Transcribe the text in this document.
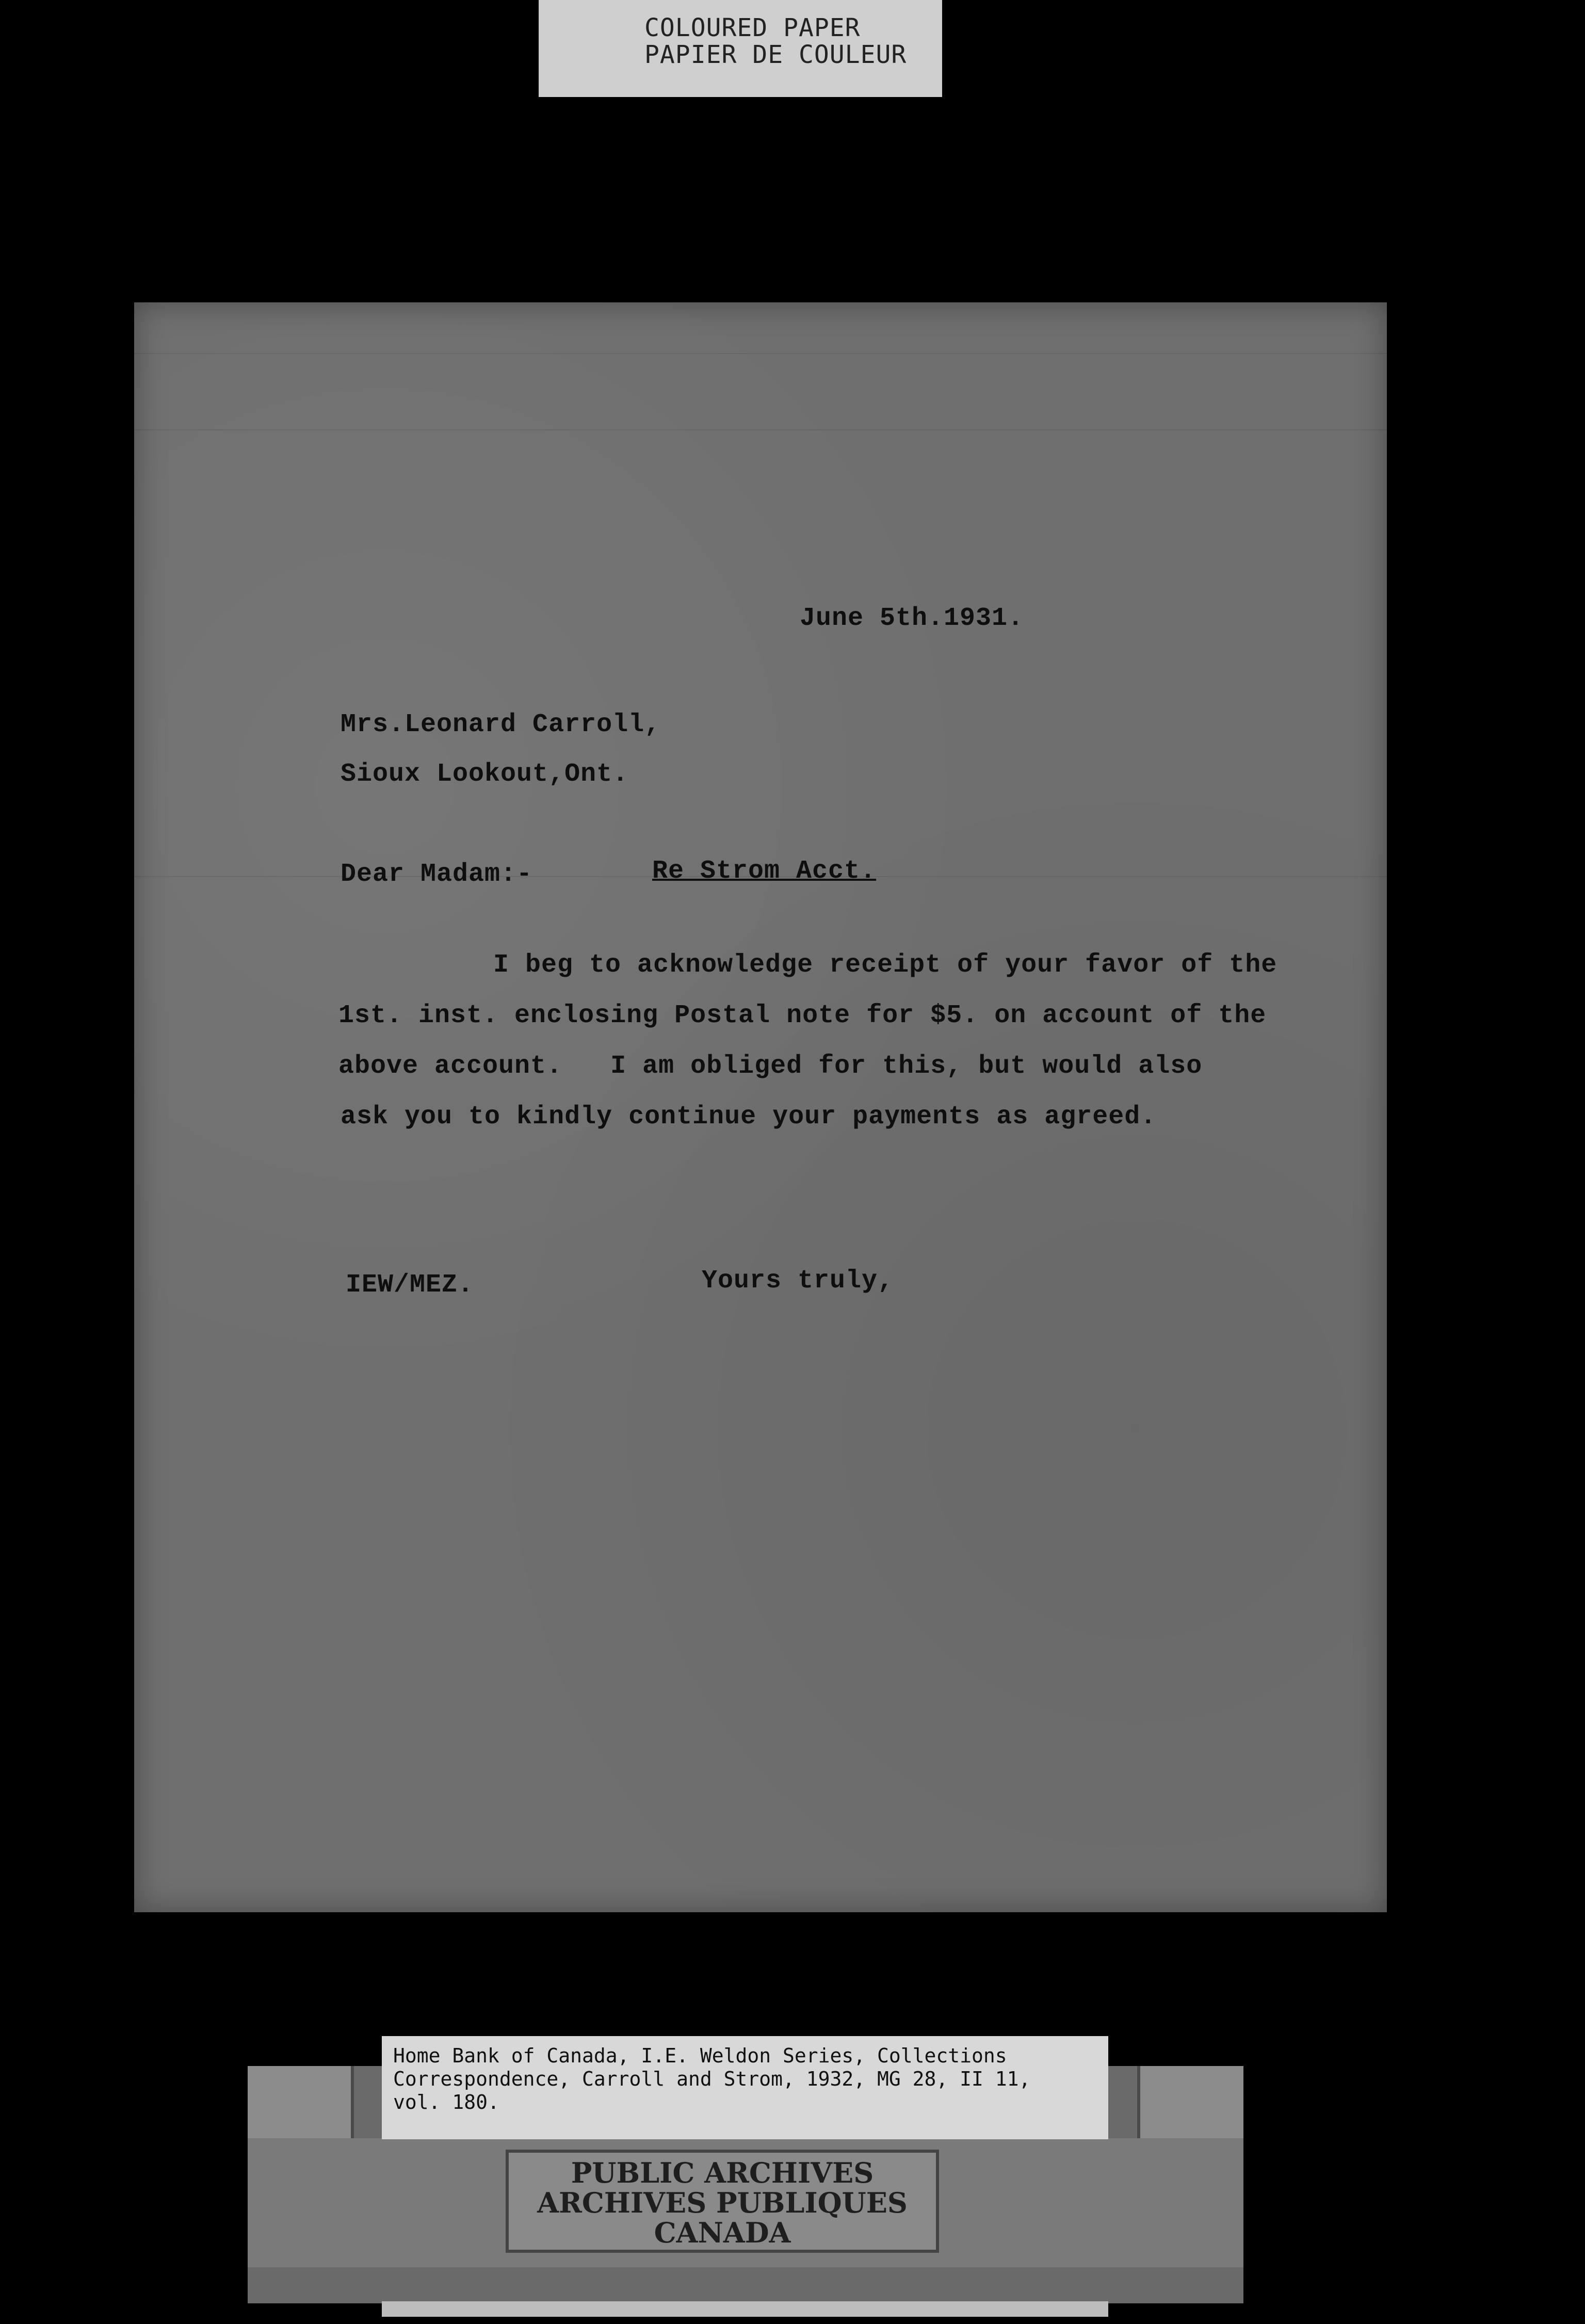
COLOURED PAPER
PAPIER DE COULEUR
June 5th.1931.
Mrs.Leonard Carroll,
Sioux Lookout,Ont.
Dear Madam:-	Re Strom Acct.
I beg to acknowledge receipt of your favor of the
1st. inst. enclosing Postal note for $5. on account of the
above account.   I am obliged for this, but would also
ask you to kindly continue your payments as agreed.
IEW/MEZ.	Yours truly,
Home Bank of Canada, I.E. Weldon Series, Collections
Correspondence, Carroll and Strom, 1932, MG 28, II 11,
vol. 180.
PUBLIC ARCHIVES
ARCHIVES PUBLIQUES
CANADA
